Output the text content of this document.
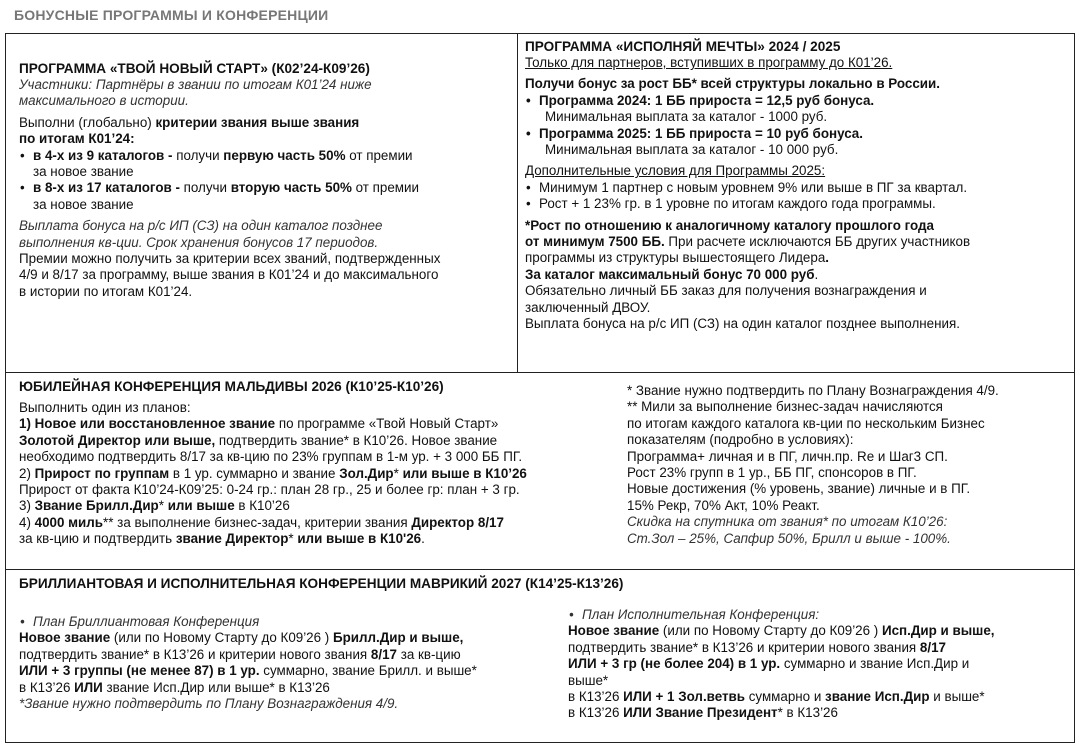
БОНУСНЫЕ ПРОГРАММЫ И КОНФЕРЕНЦИИ
ПРОГРАММА «ТВОЙ НОВЫЙ СТАРТ» (К02’24-К09’26)
Участники: Партнёры в звании по итогам К01’24 ниже
максимального в истории.
Выполни (глобально) критерии звания выше звания
по итогам К01’24:
• в 4-х из 9 каталогов - получи первую часть 50% от премии
за новое звание
• в 8-х из 17 каталогов - получи вторую часть 50% от премии
за новое звание
Выплата бонуса на р/с ИП (СЗ) на один каталог позднее
выполнения кв-ции. Срок хранения бонусов 17 периодов.
Премии можно получить за критерии всех званий, подтвержденных
4/9 и 8/17 за программу, выше звания в К01’24 и до максимального
в истории по итогам К01’24.
ПРОГРАММА «ИСПОЛНЯЙ МЕЧТЫ» 2024 / 2025
Только для партнеров, вступивших в программу до К01’26.
Получи бонус за рост ББ* всей структуры локально в России.
• Программа 2024: 1 ББ прироста = 12,5 руб бонуса.
Минимальная выплата за каталог - 1000 руб.
• Программа 2025: 1 ББ прироста = 10 руб бонуса.
Минимальная выплата за каталог - 10 000 руб.
Дополнительные условия для Программы 2025:
• Минимум 1 партнер с новым уровнем 9% или выше в ПГ за квартал.
• Рост + 1 23% гр. в 1 уровне по итогам каждого года программы.
*Рост по отношению к аналогичному каталогу прошлого года
от минимум 7500 ББ. При расчете исключаются ББ других участников
программы из структуры вышестоящего Лидера.
За каталог максимальный бонус 70 000 руб.
Обязательно личный ББ заказ для получения вознаграждения и
заключенный ДВОУ.
Выплата бонуса на р/с ИП (СЗ) на один каталог позднее выполнения.
ЮБИЛЕЙНАЯ КОНФЕРЕНЦИЯ МАЛЬДИВЫ 2026 (К10’25-К10’26)
Выполнить один из планов:
1) Новое или восстановленное звание по программе «Твой Новый Старт»
Золотой Директор или выше, подтвердить звание* в К10’26. Новое звание
необходимо подтвердить 8/17 за кв-цию по 23% группам в 1-м ур. + 3 000 ББ ПГ.
2) Прирост по группам в 1 ур. суммарно и звание Зол.Дир* или выше в К10’26
Прирост от факта К10’24-К09’25: 0-24 гр.: план 28 гр., 25 и более гр: план + 3 гр.
3) Звание Брилл.Дир* или выше в К10’26
4) 4000 миль** за выполнение бизнес-задач, критерии звания Директор 8/17
за кв-цию и подтвердить звание Директор* или выше в К10'26.
* Звание нужно подтвердить по Плану Вознаграждения 4/9.
** Мили за выполнение бизнес-задач начисляются
по итогам каждого каталога кв-ции по нескольким Бизнес
показателям (подробно в условиях):
Программа+ личная и в ПГ, личн.пр. Re и Шаг3 СП.
Рост 23% групп в 1 ур., ББ ПГ, спонсоров в ПГ.
Новые достижения (% уровень, звание) личные и в ПГ.
15% Рекр, 70% Акт, 10% Реакт.
Скидка на спутника от звания* по итогам К10’26:
Ст.Зол – 25%, Сапфир 50%, Брилл и выше - 100%.
БРИЛЛИАНТОВАЯ И ИСПОЛНИТЕЛЬНАЯ КОНФЕРЕНЦИИ МАВРИКИЙ 2027 (К14’25-К13’26)
• План Бриллиантовая Конференция
Новое звание (или по Новому Старту до К09’26 ) Брилл.Дир и выше,
подтвердить звание* в К13’26 и критерии нового звания 8/17 за кв-цию
ИЛИ + 3 группы (не менее 87) в 1 ур. суммарно, звание Брилл. и выше*
в К13’26 ИЛИ звание Исп.Дир или выше* в К13’26
*Звание нужно подтвердить по Плану Вознаграждения 4/9.
• План Исполнительная Конференция:
Новое звание (или по Новому Старту до К09’26 ) Исп.Дир и выше,
подтвердить звание* в К13’26 и критерии нового звания 8/17
ИЛИ + 3 гр (не более 204) в 1 ур. суммарно и звание Исп.Дир и
выше*
в К13’26 ИЛИ + 1 Зол.ветвь суммарно и звание Исп.Дир и выше*
в К13’26 ИЛИ Звание Президент* в К13’26
